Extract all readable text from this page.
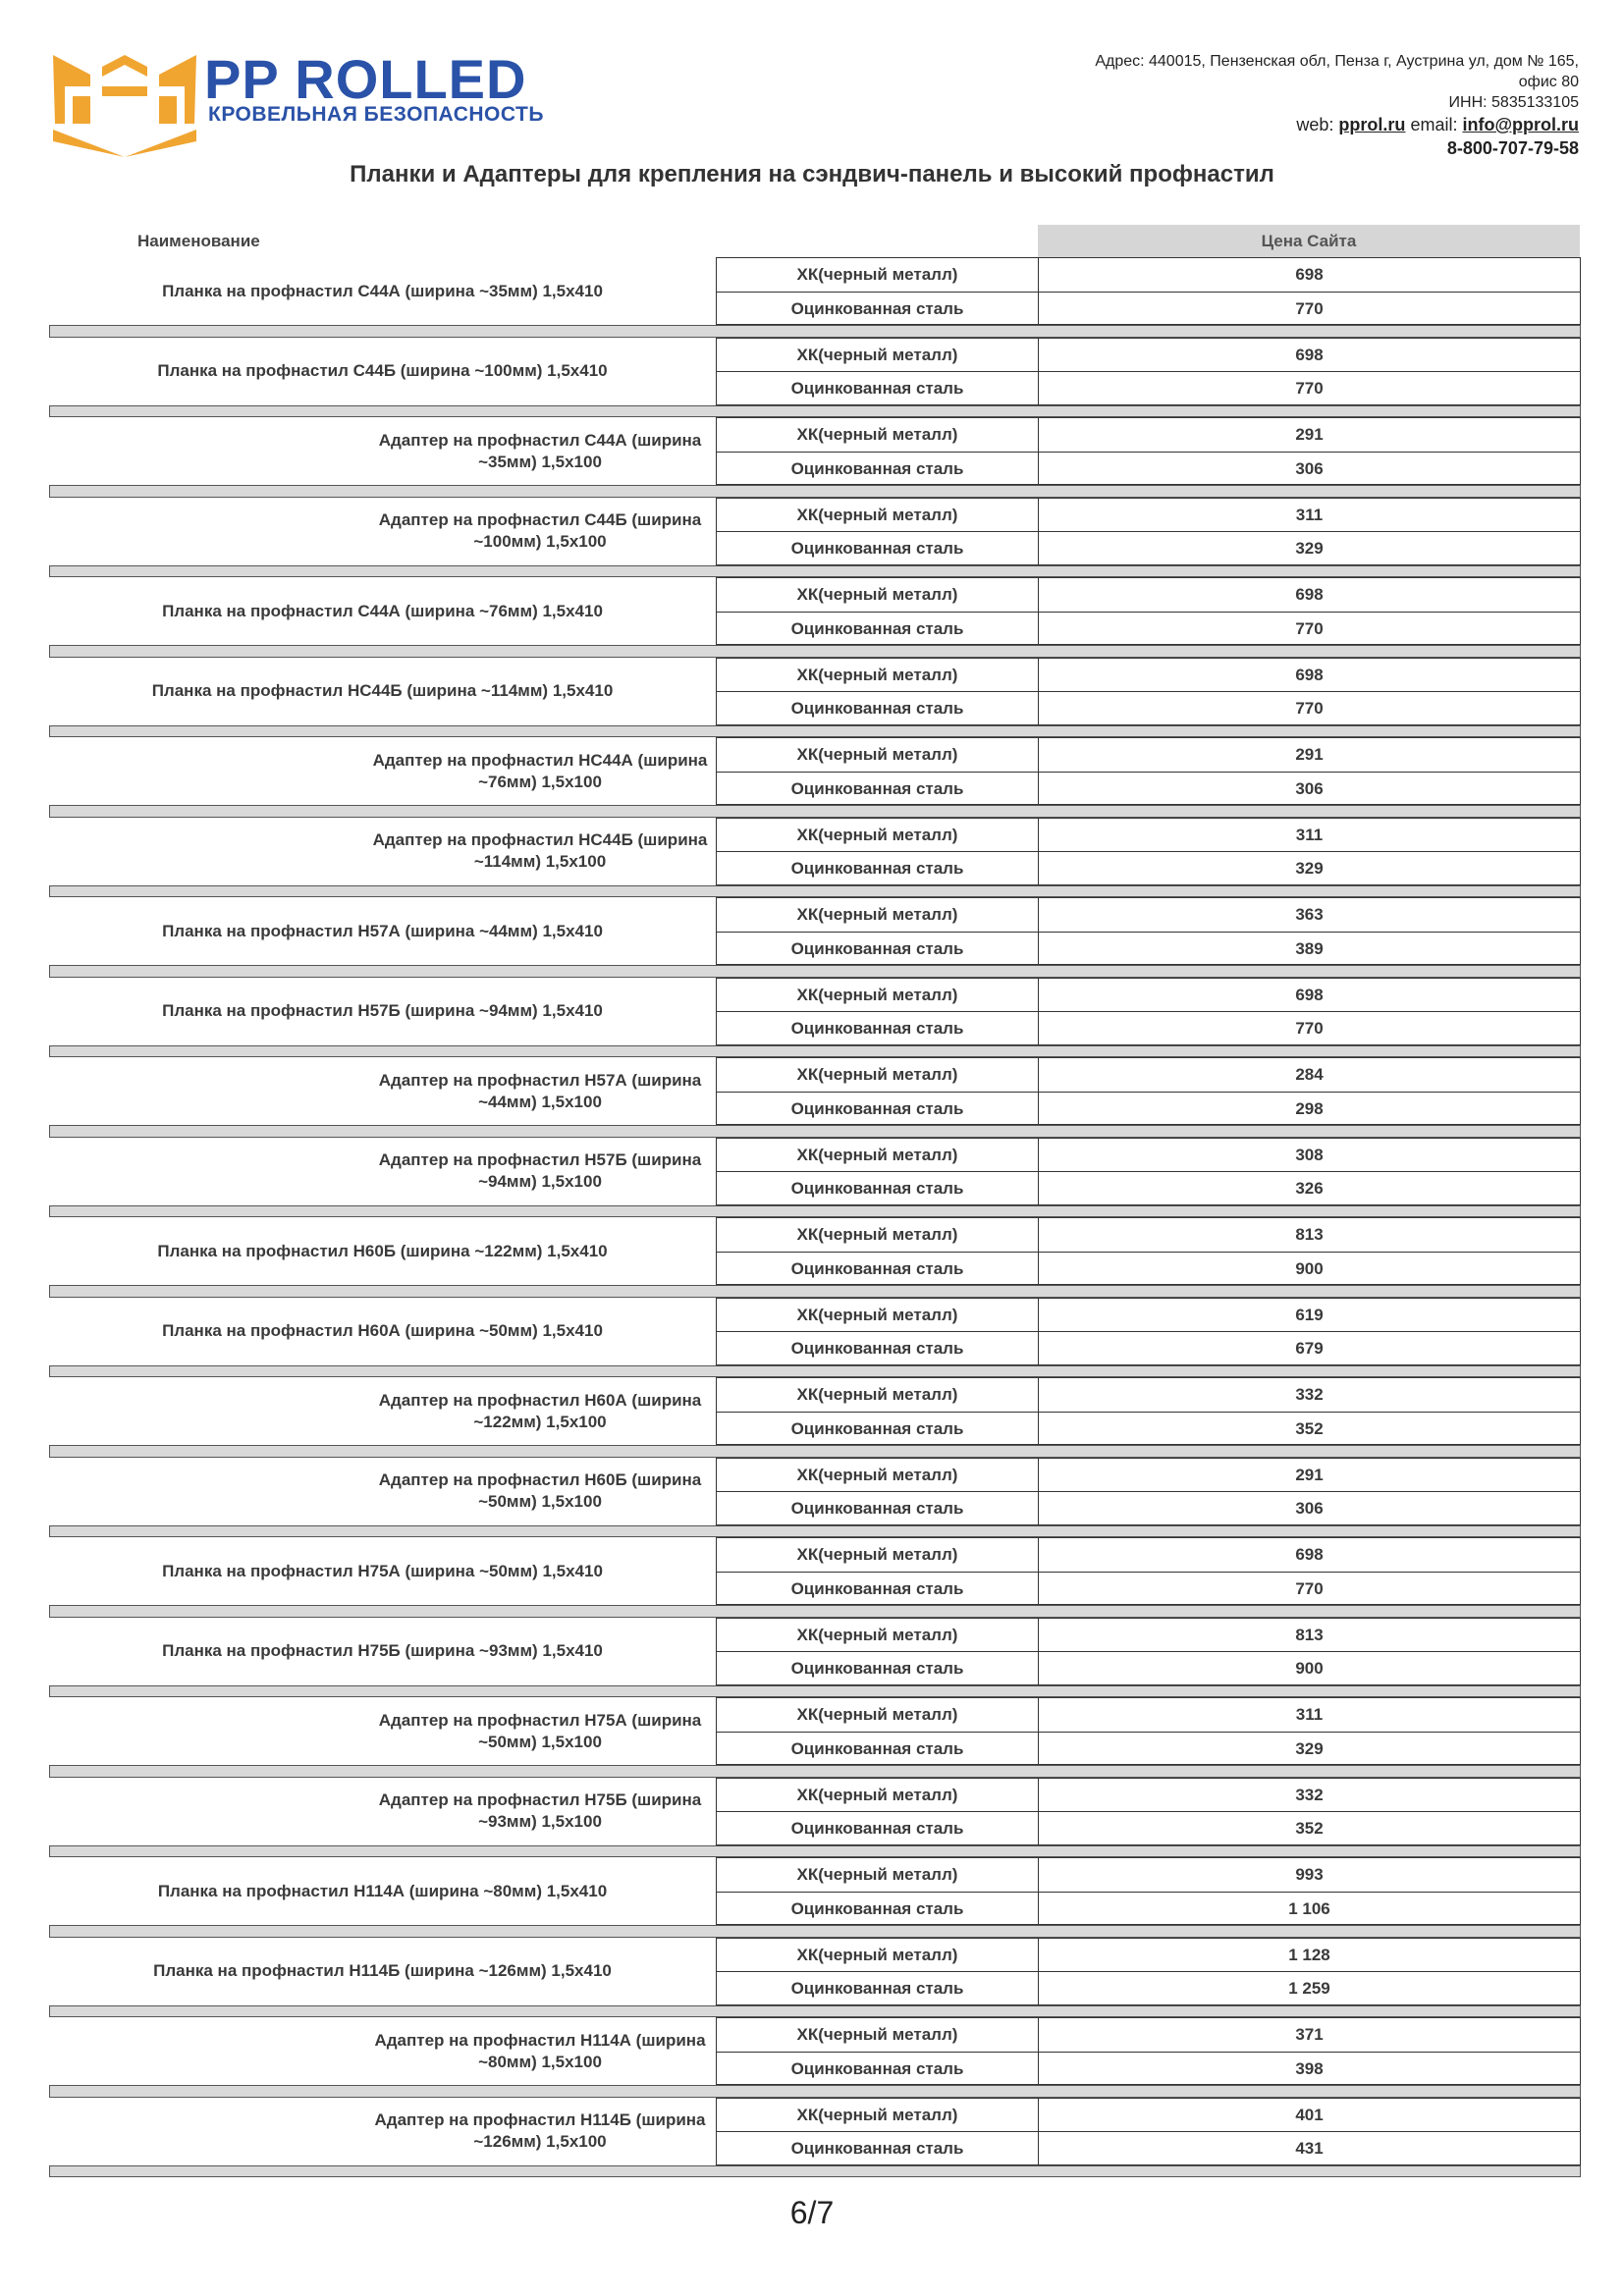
PP ROLLED
КРОВЕЛЬНАЯ БЕЗОПАСНОСТЬ
Адрес: 440015, Пензенская обл, Пенза г, Аустрина ул, дом № 165,
офис 80
ИНН: 5835133105
web: pprol.ru email: info@pprol.ru
8-800-707-79-58
Планки и Адаптеры для крепления на сэндвич-панель и высокий профнастил
Наименование	Цена Сайта
Планка на профнастил С44А (ширина ~35мм) 1,5х410
ХК(черный металл)	698
Оцинкованная сталь	770
Планка на профнастил С44Б (ширина ~100мм) 1,5х410
ХК(черный металл)	698
Оцинкованная сталь	770
Адаптер на профнастил С44А (ширина ~35мм) 1,5х100
ХК(черный металл)	291
Оцинкованная сталь	306
Адаптер на профнастил С44Б (ширина ~100мм) 1,5х100
ХК(черный металл)	311
Оцинкованная сталь	329
Планка на профнастил С44А (ширина ~76мм) 1,5х410
ХК(черный металл)	698
Оцинкованная сталь	770
Планка на профнастил НС44Б (ширина ~114мм) 1,5х410
ХК(черный металл)	698
Оцинкованная сталь	770
Адаптер на профнастил НС44А (ширина ~76мм) 1,5х100
ХК(черный металл)	291
Оцинкованная сталь	306
Адаптер на профнастил НС44Б (ширина ~114мм) 1,5х100
ХК(черный металл)	311
Оцинкованная сталь	329
Планка на профнастил Н57А (ширина ~44мм) 1,5х410
ХК(черный металл)	363
Оцинкованная сталь	389
Планка на профнастил Н57Б (ширина ~94мм) 1,5х410
ХК(черный металл)	698
Оцинкованная сталь	770
Адаптер на профнастил Н57А (ширина ~44мм) 1,5х100
ХК(черный металл)	284
Оцинкованная сталь	298
Адаптер на профнастил Н57Б (ширина ~94мм) 1,5х100
ХК(черный металл)	308
Оцинкованная сталь	326
Планка на профнастил Н60Б (ширина ~122мм) 1,5х410
ХК(черный металл)	813
Оцинкованная сталь	900
Планка на профнастил Н60А (ширина ~50мм) 1,5х410
ХК(черный металл)	619
Оцинкованная сталь	679
Адаптер на профнастил Н60А (ширина ~122мм) 1,5х100
ХК(черный металл)	332
Оцинкованная сталь	352
Адаптер на профнастил Н60Б (ширина ~50мм) 1,5х100
ХК(черный металл)	291
Оцинкованная сталь	306
Планка на профнастил Н75А (ширина ~50мм) 1,5х410
ХК(черный металл)	698
Оцинкованная сталь	770
Планка на профнастил Н75Б (ширина ~93мм) 1,5х410
ХК(черный металл)	813
Оцинкованная сталь	900
Адаптер на профнастил Н75А (ширина ~50мм) 1,5х100
ХК(черный металл)	311
Оцинкованная сталь	329
Адаптер на профнастил Н75Б (ширина ~93мм) 1,5х100
ХК(черный металл)	332
Оцинкованная сталь	352
Планка на профнастил Н114А (ширина ~80мм) 1,5х410
ХК(черный металл)	993
Оцинкованная сталь	1 106
Планка на профнастил Н114Б (ширина ~126мм) 1,5х410
ХК(черный металл)	1 128
Оцинкованная сталь	1 259
Адаптер на профнастил Н114А (ширина ~80мм) 1,5х100
ХК(черный металл)	371
Оцинкованная сталь	398
Адаптер на профнастил Н114Б (ширина ~126мм) 1,5х100
ХК(черный металл)	401
Оцинкованная сталь	431
6/7
